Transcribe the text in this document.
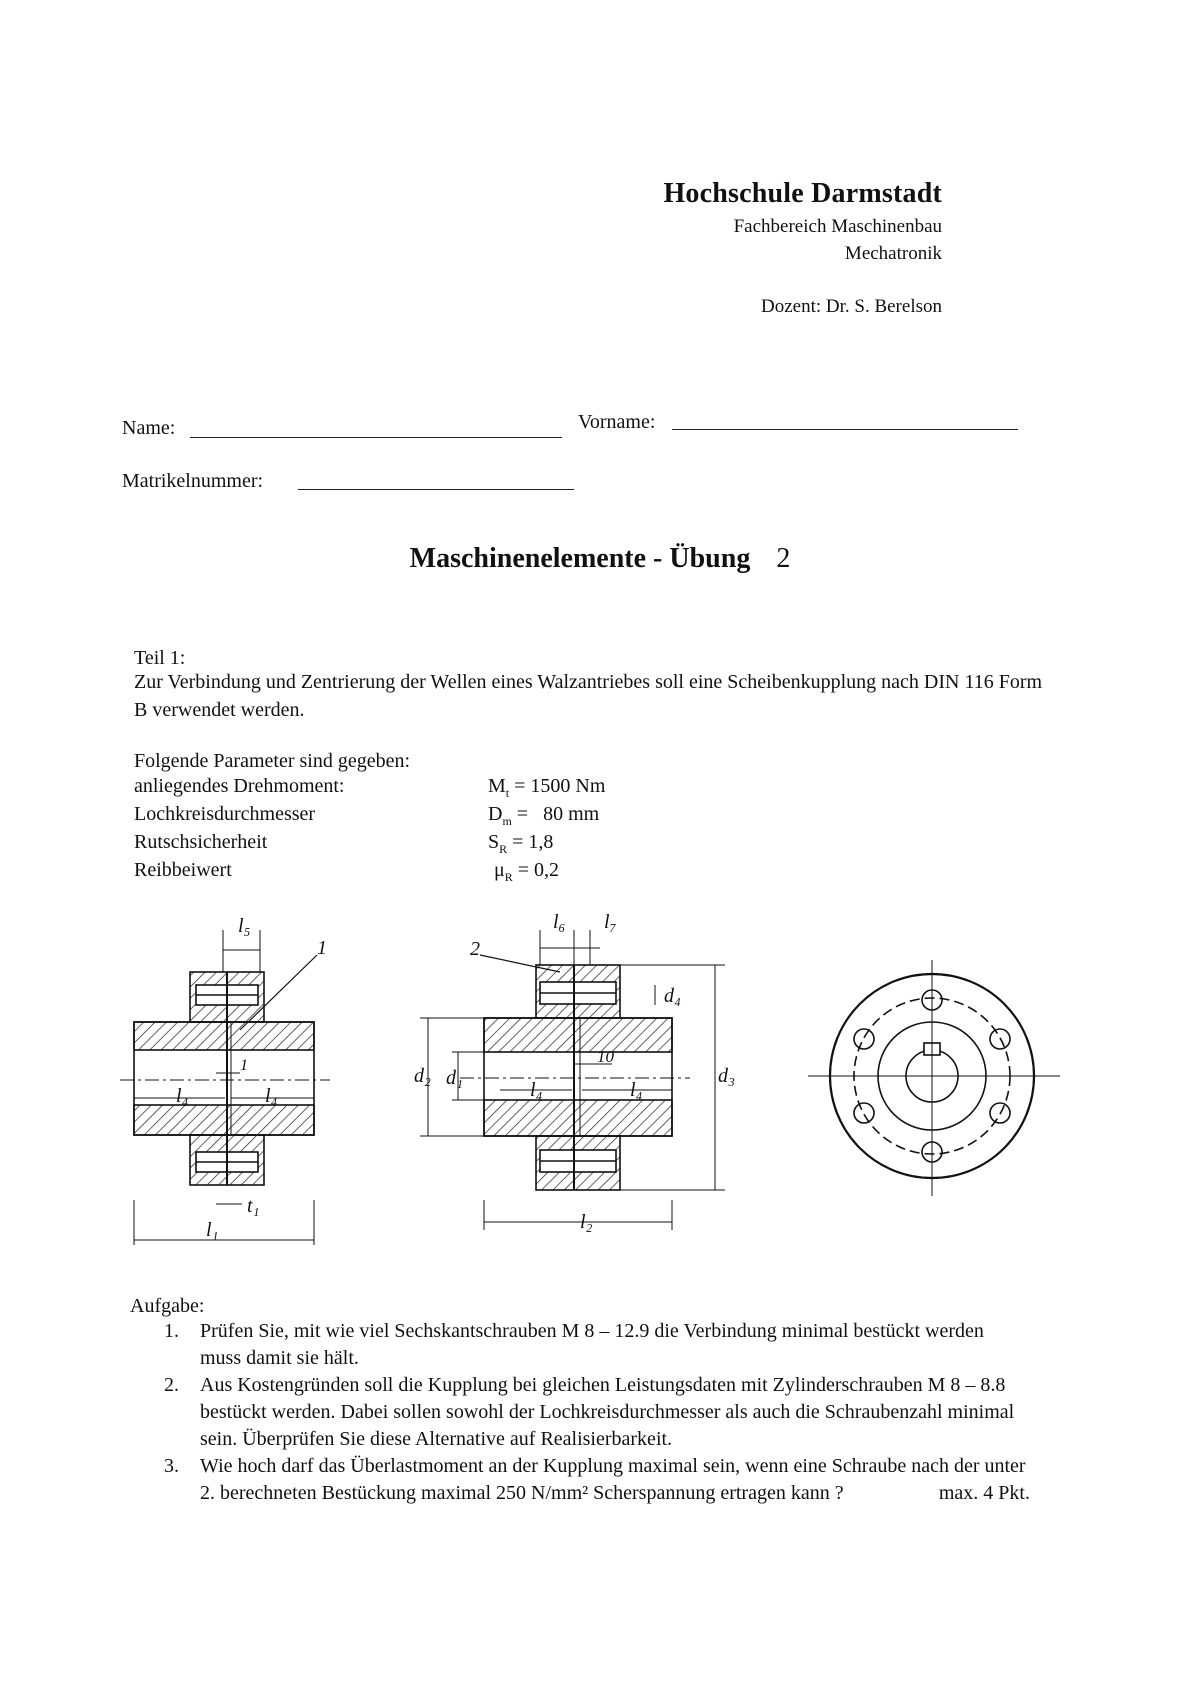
Hochschule Darmstadt
Fachbereich Maschinenbau
Mechatronik
Dozent: Dr. S. Berelson
Name:	Vorname:
Matrikelnummer:
Maschinenelemente - Übung 2
Teil 1:
Zur Verbindung und Zentrierung der Wellen eines Walzantriebes soll eine Scheibenkupplung nach DIN 116 Form B verwendet werden.
Folgende Parameter sind gegeben:
anliegendes Drehmoment:	$M_t = 1500$ Nm
Lochkreisdurchmesser	$D_m = 80$ mm
Rutschsicherheit	$S_R = 1,8$
Reibbeiwert	$\mu_R = 0,2$
l₅
1
1
l₄	l₄
t₁
l₁
l₆ l₇
2
d₄
10
d₂ d₁
l₄	l₄
d₃
l₂
Aufgabe:
1. Prüfen Sie, mit wie viel Sechskantschrauben M 8 – 12.9 die Verbindung minimal bestückt werden muss damit sie hält.
2. Aus Kostengründen soll die Kupplung bei gleichen Leistungsdaten mit Zylinderschrauben M 8 – 8.8 bestückt werden. Dabei sollen sowohl der Lochkreisdurchmesser als auch die Schraubenzahl minimal sein. Überprüfen Sie diese Alternative auf Realisierbarkeit.
3. Wie hoch darf das Überlastmoment an der Kupplung maximal sein, wenn eine Schraube nach der unter 2. berechneten Bestückung maximal 250 N/mm² Scherspannung ertragen kann ?	max. 4 Pkt.
